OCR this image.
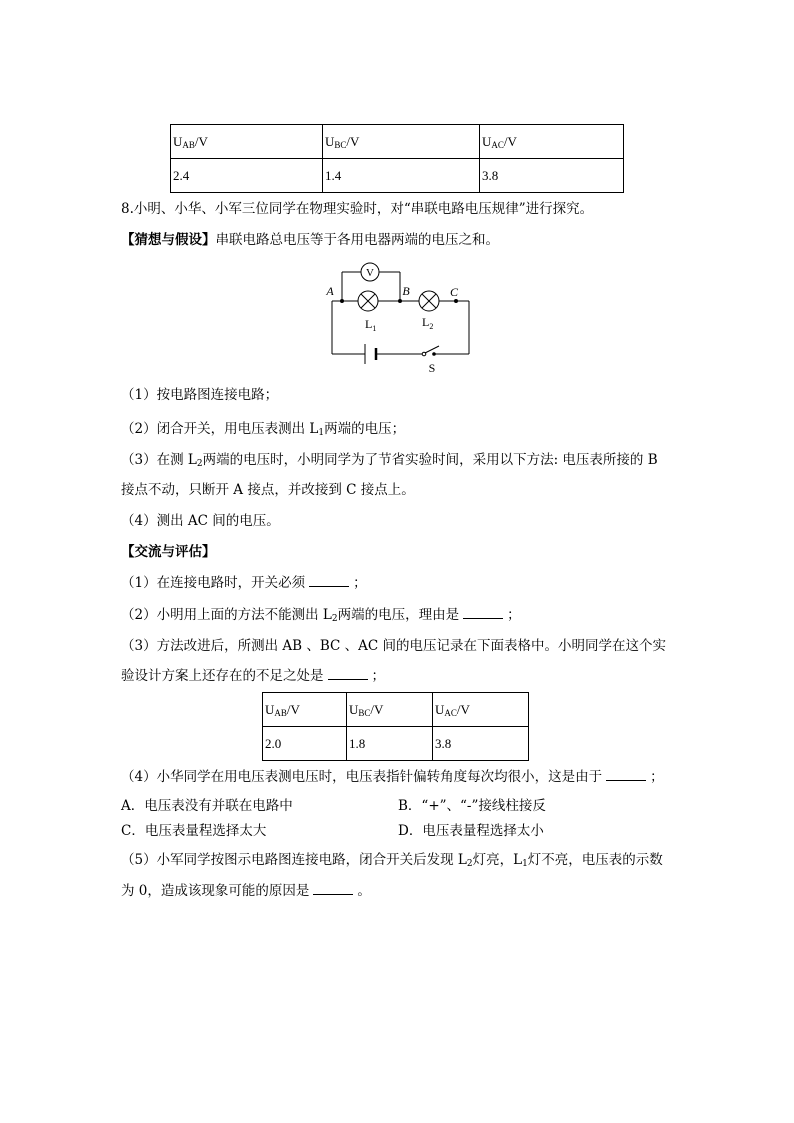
$U_{AB}/V$	$U_{BC}/V$	$U_{AC}/V$
2.4	1.4	3.8
8.小明、小华、小军三位同学在物理实验时，对“串联电路电压规律”进行探究。
【猜想与假设】串联电路总电压等于各用电器两端的电压之和。
V
A	B	C
$L_1$	$L_2$
S
（1）按电路图连接电路；
（2）闭合开关，用电压表测出 $L_1$两端的电压；
（3）在测 $L_2$两端的电压时，小明同学为了节省实验时间，采用以下方法: 电压表所接的 B
接点不动，只断开 A 接点，并改接到 C 接点上。
（4）测出 AC 间的电压。
【交流与评估】
（1）在连接电路时，开关必须	；
（2）小明用上面的方法不能测出 $L_2$两端的电压，理由是	；
（3）方法改进后，所测出 AB 、BC 、AC 间的电压记录在下面表格中。小明同学在这个实
验设计方案上还存在的不足之处是	；
$U_{AB}/V$	$U_{BC}/V$	$U_{AC}/V$
2.0	1.8	3.8
（4）小华同学在用电压表测电压时，电压表指针偏转角度每次均很小，这是由于	；
A．电压表没有并联在电路中	B．“+”、“-”接线柱接反
C．电压表量程选择太大	D．电压表量程选择太小
（5）小军同学按图示电路图连接电路，闭合开关后发现 $L_2$灯亮，$L_1$灯不亮，电压表的示数
为 0，造成该现象可能的原因是	。
